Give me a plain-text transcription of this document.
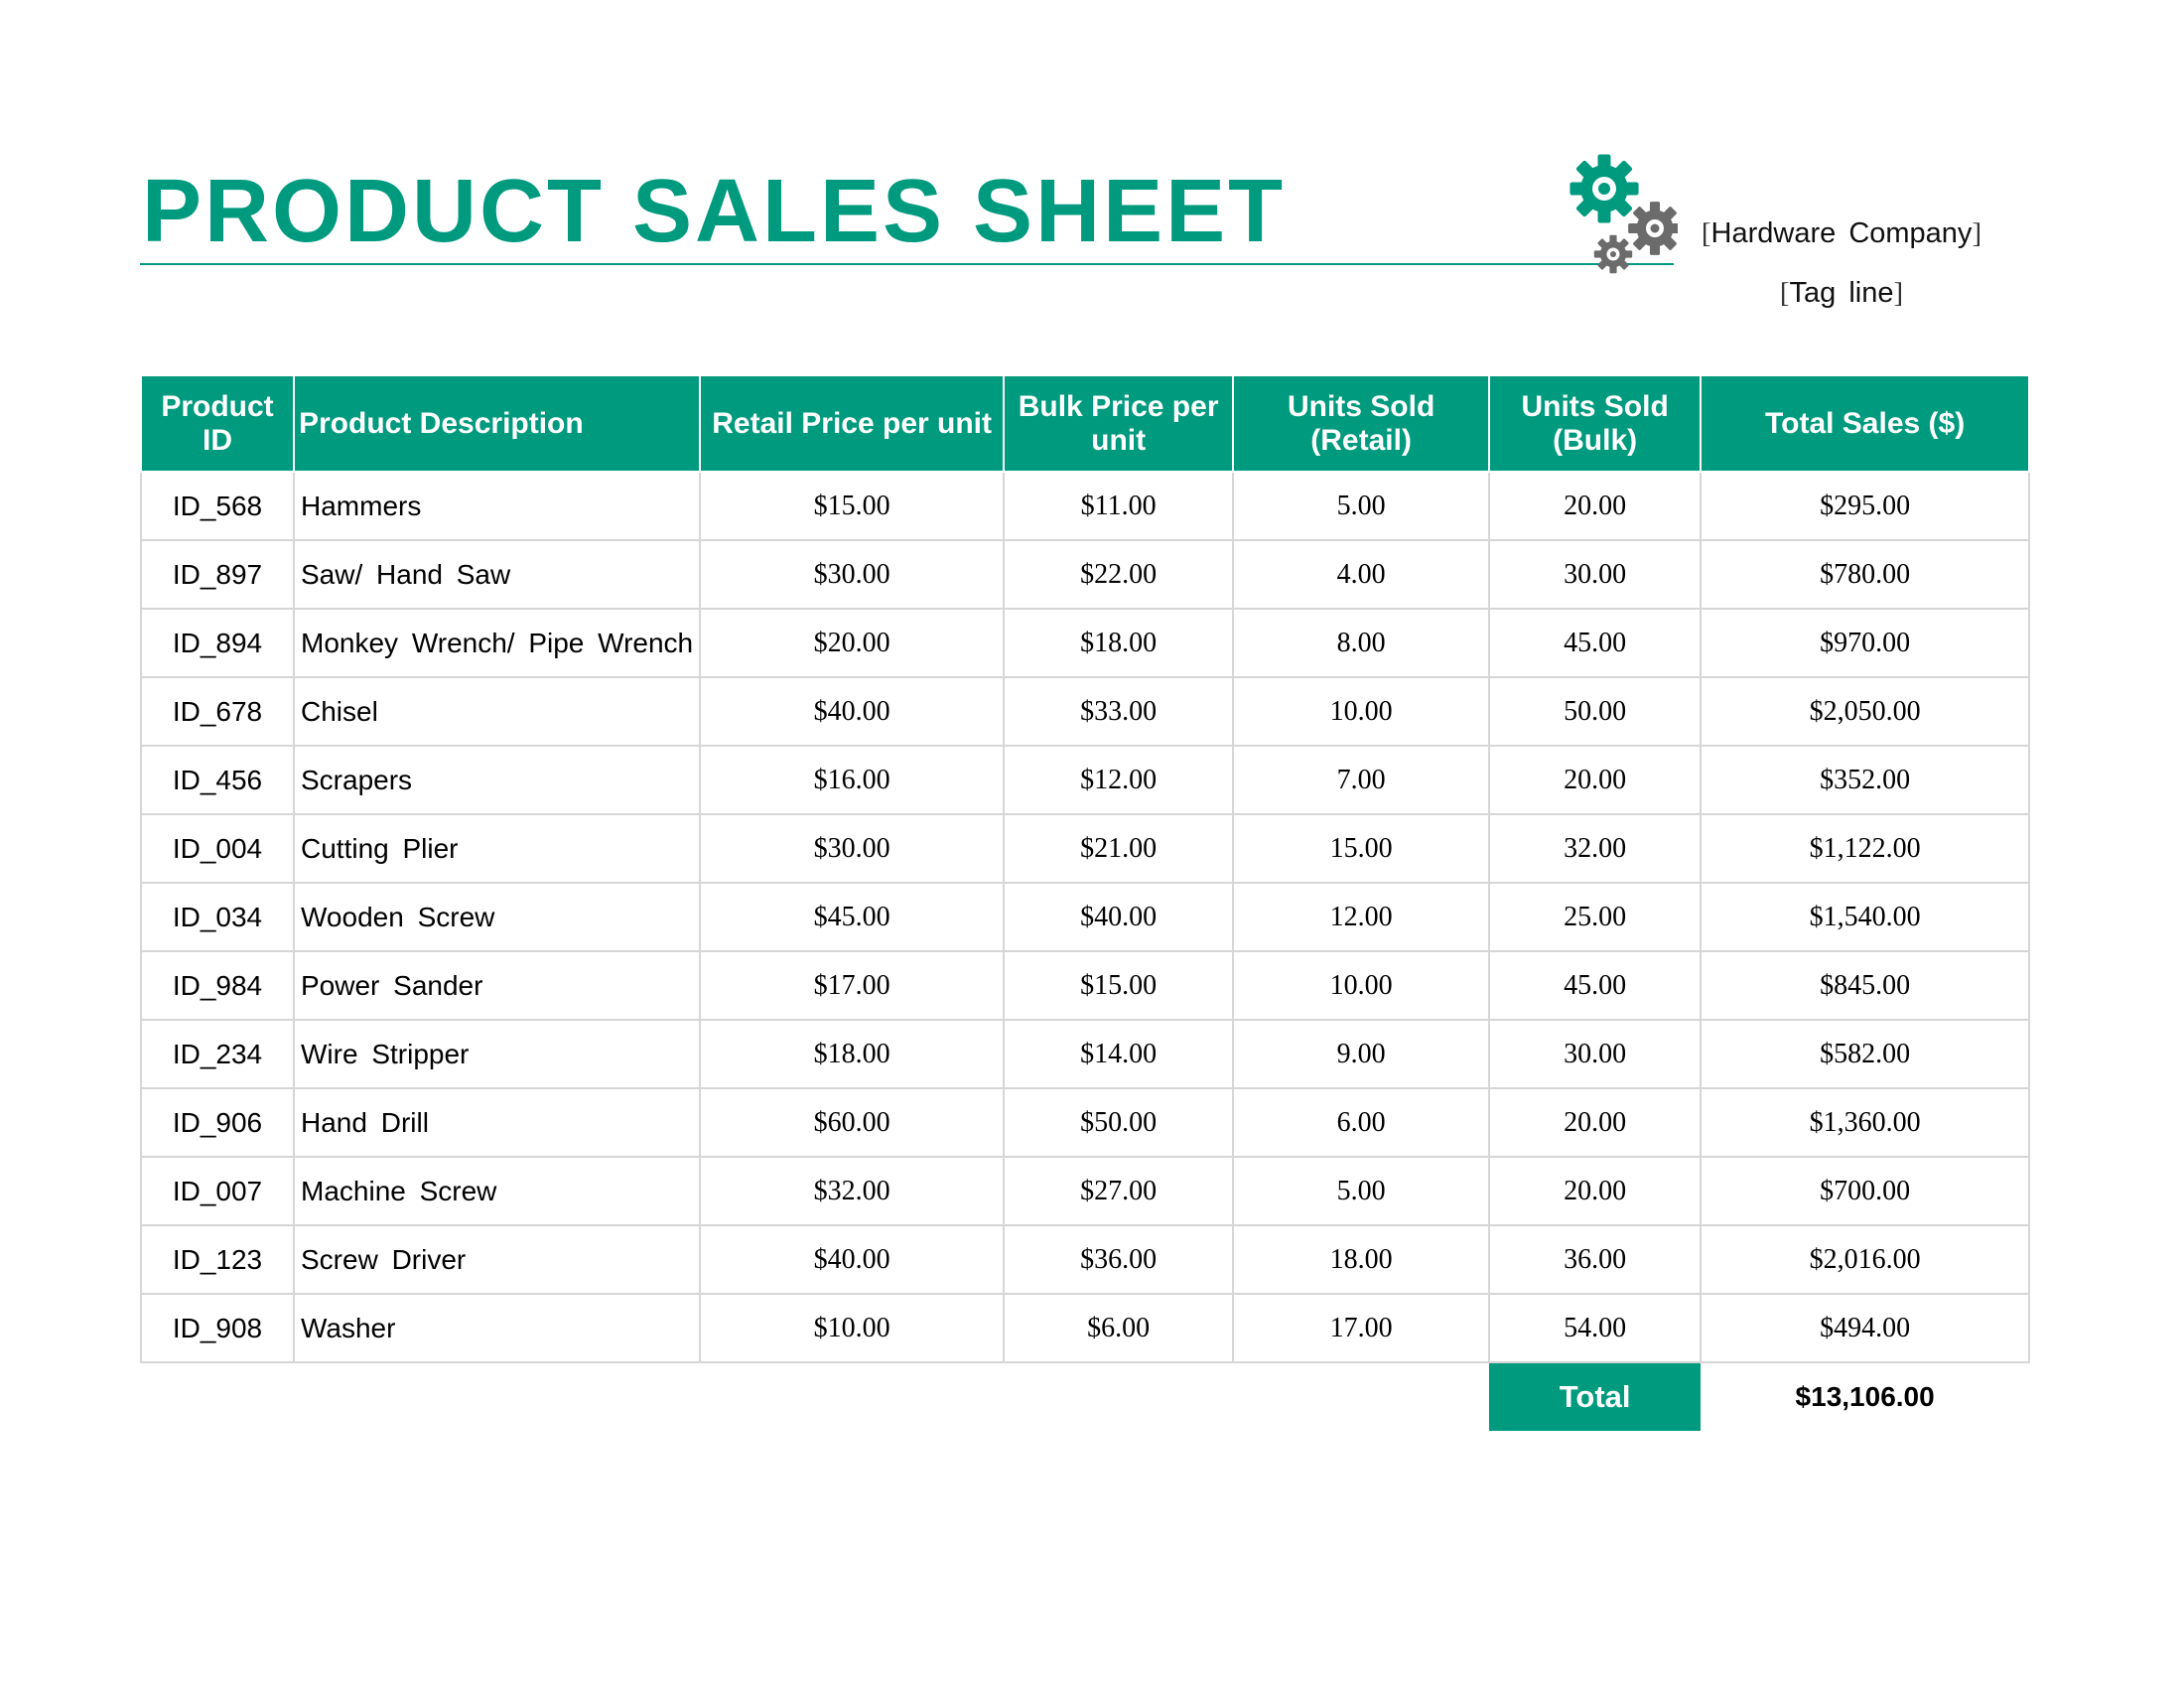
PRODUCT SALES SHEET	[Hardware Company]
[Tag line]
Product ID	Product Description	Retail Price per unit	Bulk Price per unit	Units Sold (Retail)	Units Sold (Bulk)	Total Sales ($)
ID_568	Hammers	$15.00	$11.00	5.00	20.00	$295.00
ID_897	Saw/ Hand Saw	$30.00	$22.00	4.00	30.00	$780.00
ID_894	Monkey Wrench/ Pipe Wrench	$20.00	$18.00	8.00	45.00	$970.00
ID_678	Chisel	$40.00	$33.00	10.00	50.00	$2,050.00
ID_456	Scrapers	$16.00	$12.00	7.00	20.00	$352.00
ID_004	Cutting Plier	$30.00	$21.00	15.00	32.00	$1,122.00
ID_034	Wooden Screw	$45.00	$40.00	12.00	25.00	$1,540.00
ID_984	Power Sander	$17.00	$15.00	10.00	45.00	$845.00
ID_234	Wire Stripper	$18.00	$14.00	9.00	30.00	$582.00
ID_906	Hand Drill	$60.00	$50.00	6.00	20.00	$1,360.00
ID_007	Machine Screw	$32.00	$27.00	5.00	20.00	$700.00
ID_123	Screw Driver	$40.00	$36.00	18.00	36.00	$2,016.00
ID_908	Washer	$10.00	$6.00	17.00	54.00	$494.00
					Total	$13,106.00
